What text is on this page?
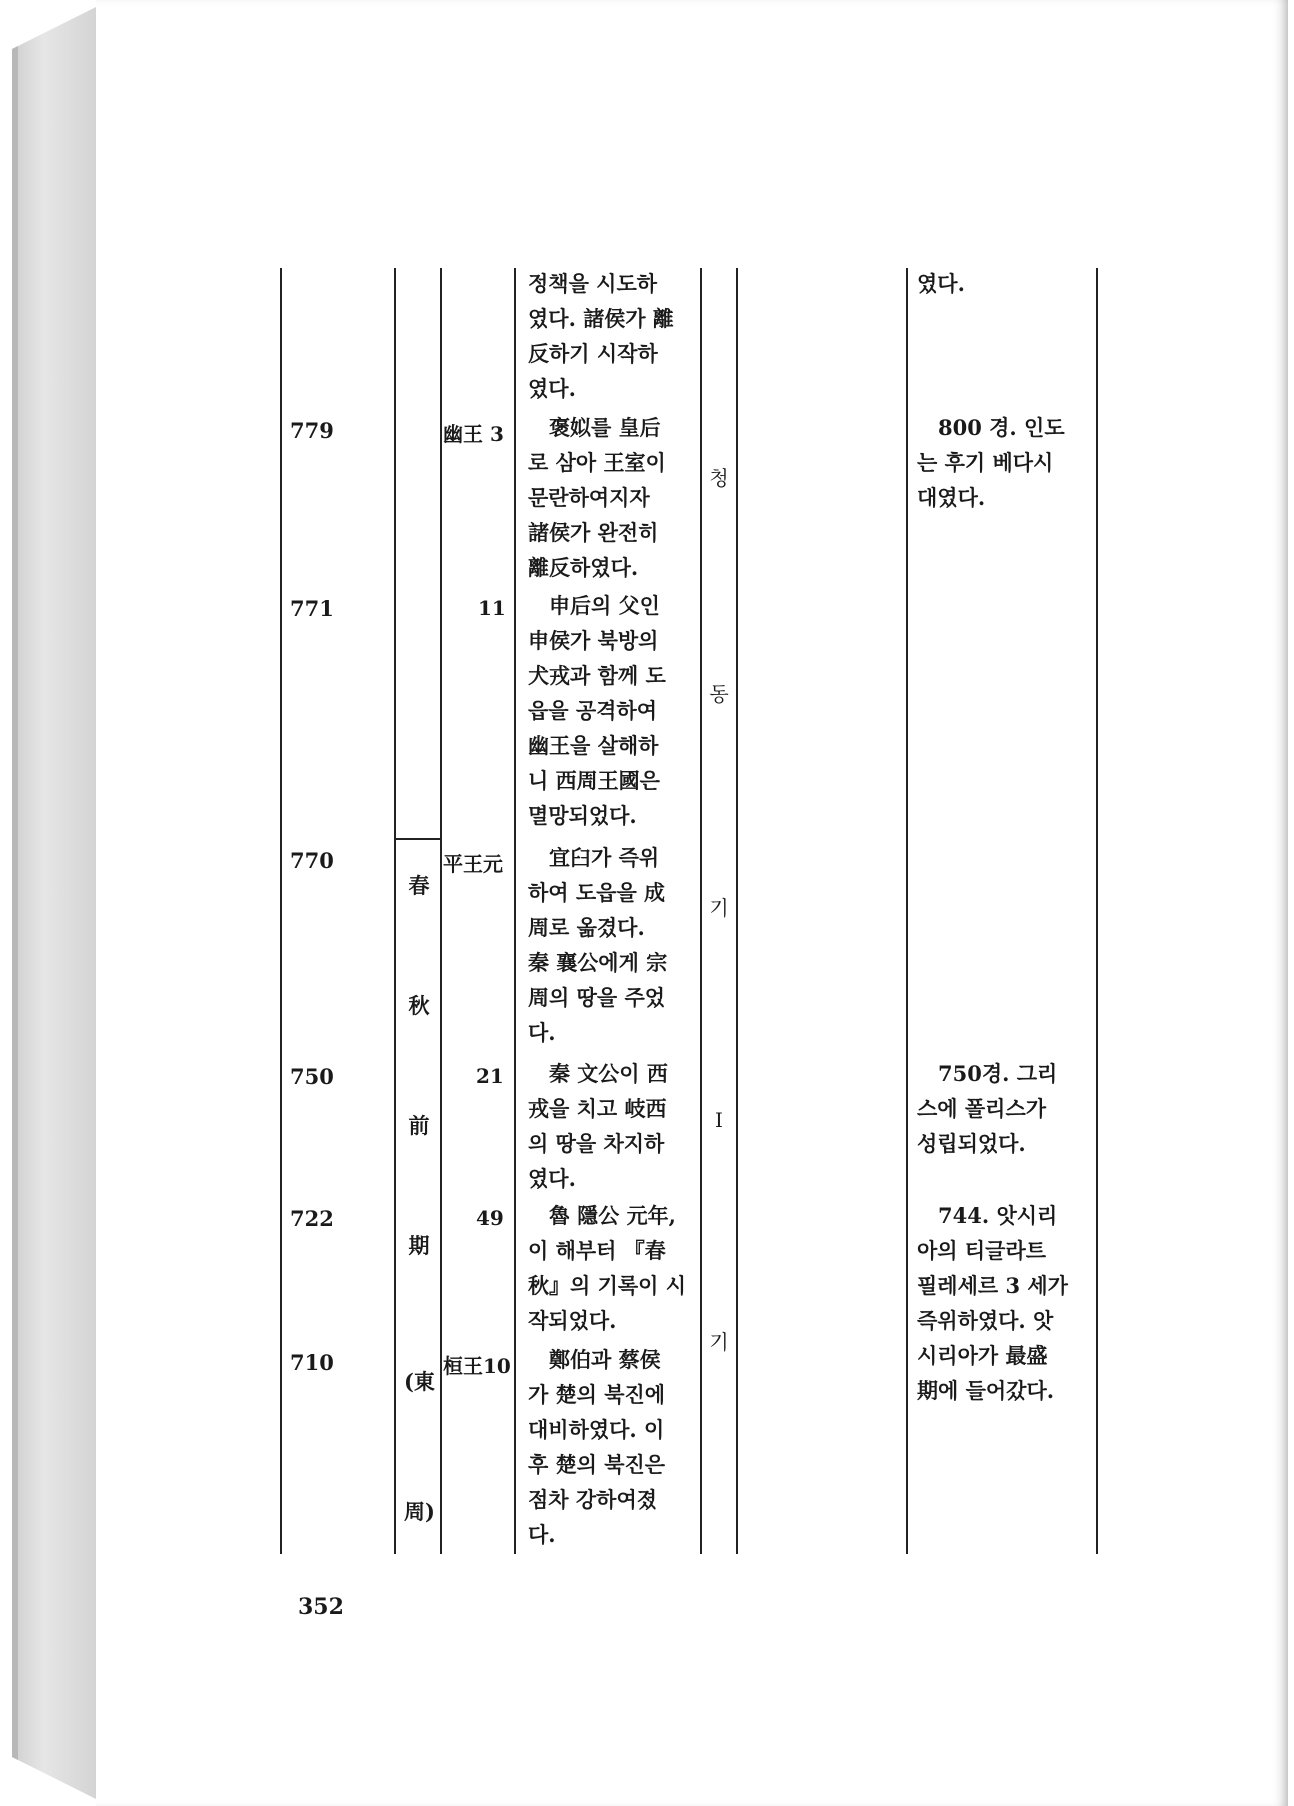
779
771
770
750
722
710
幽王 3
11
平王元
21
49
桓王10
春
秋
前
期
(東
周)
청
동
기
I
기

정책을 시도하

였다. 諸侯가 離

反하기 시작하

였다.

褒姒를 皇后

로 삼아 王室이

문란하여지자

諸侯가 완전히

離反하였다.

申后의 父인

申侯가 북방의

犬戎과 함께 도

읍을 공격하여

幽王을 살해하

니 西周王國은

멸망되었다.

宜臼가 즉위

하여 도읍을 成

周로 옮겼다.

秦 襄公에게 宗

周의 땅을 주었

다.

秦 文公이 西

戎을 치고 岐西

의 땅을 차지하

였다.

魯 隱公 元年,

이 해부터 『春

秋』의 기록이 시

작되었다.

鄭伯과 蔡侯

가 楚의 북진에

대비하였다. 이

후 楚의 북진은

점차 강하여졌

다.

였다.

800 경. 인도

는 후기 베다시

대였다.

750경. 그리

스에 폴리스가

성립되었다.

744. 앗시리

아의 티글라트

필레세르 3 세가

즉위하였다. 앗

시리아가 最盛

期에 들어갔다.

352
